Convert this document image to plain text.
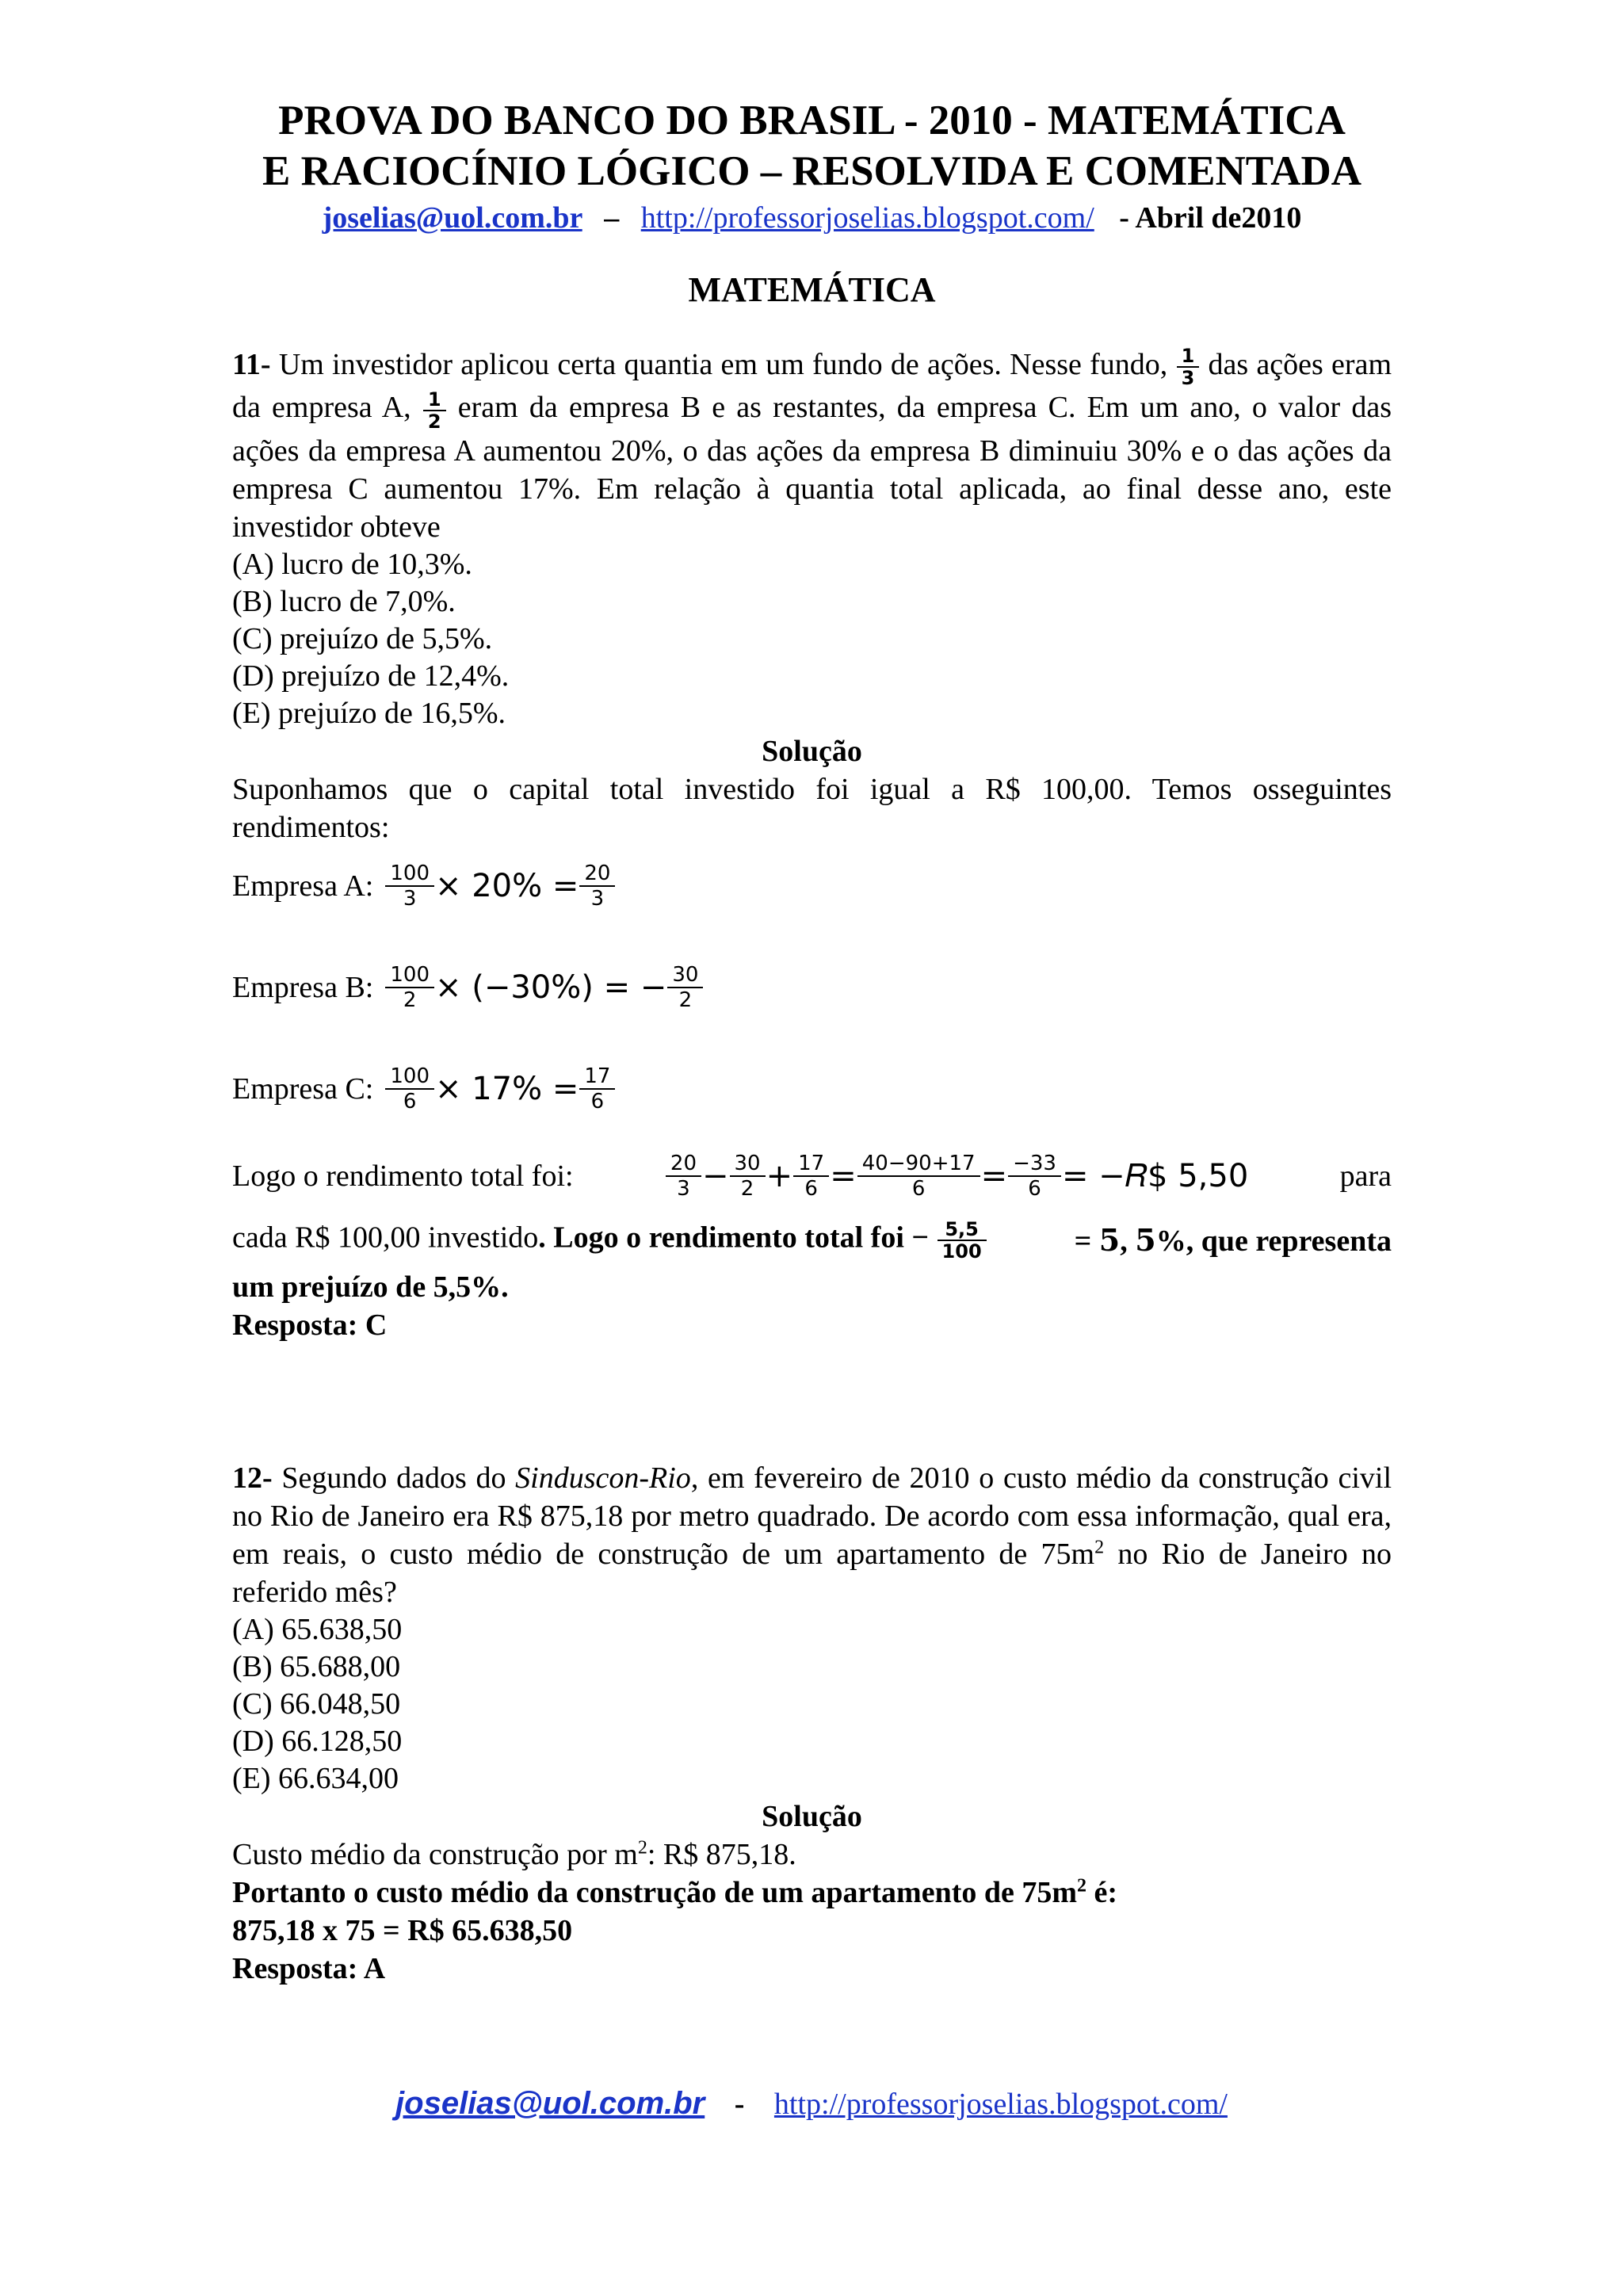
PROVA DO BANCO DO BRASIL - 2010 - MATEMÁTICA
E RACIOCÍNIO LÓGICO – RESOLVIDA E COMENTADA
joselias@uol.com.br – http://professorjoselias.blogspot.com/ - Abril de2010
MATEMÁTICA

11- Um investidor aplicou certa quantia em um fundo de ações. Nesse fundo, $\frac{1}{3}$ das ações eram da empresa A, $\frac{1}{2}$ eram da empresa B e as restantes, da empresa C. Em um ano, o valor das ações da empresa A aumentou 20%, o das ações da empresa B diminuiu 30% e o das ações da empresa C aumentou 17%. Em relação à quantia total aplicada, ao final desse ano, este investidor obteve

(A) lucro de 10,3%.

(B) lucro de 7,0%.

(C) prejuízo de 5,5%.

(D) prejuízo de 12,4%.

(E) prejuízo de 16,5%.

Solução

Suponhamos que o capital total investido foi igual a R$ 100,00. Temos osseguintes rendimentos:

Empresa A: $\frac{100}{3} \times 20\% = \frac{20}{3}$
Empresa B: $\frac{100}{2} \times (-30\%)$ = − $\frac{30}{2}$
Empresa C: $\frac{100}{6} \times 17\% = \frac{17}{6}$
Logo o rendimento total foi:	$\frac{20}{3} - \frac{30}{2} + \frac{17}{6} = \frac{40-90+17}{6} = \frac{-33}{6}$ = −𝑅$ 5,50	para
cada R$ 100,00 investido. Logo o rendimento total foi − $\frac{5,5}{100}$	= 𝟓, 𝟓%, que representa

um prejuízo de 5,5%.

Resposta: C

12- Segundo dados do Sinduscon-Rio, em fevereiro de 2010 o custo médio da construção civil no Rio de Janeiro era R$ 875,18 por metro quadrado. De acordo com essa informação, qual era, em reais, o custo médio de construção de um apartamento de $75m^2$ no Rio de Janeiro no referido mês?

(A) 65.638,50

(B) 65.688,00

(C) 66.048,50

(D) 66.128,50

(E) 66.634,00

Solução

Custo médio da construção por $m^2$: R$ 875,18.

Portanto o custo médio da construção de um apartamento de $75m^2$ é:

875,18 x 75 = R$ 65.638,50

Resposta: A

joselias@uol.com.br - http://professorjoselias.blogspot.com/
